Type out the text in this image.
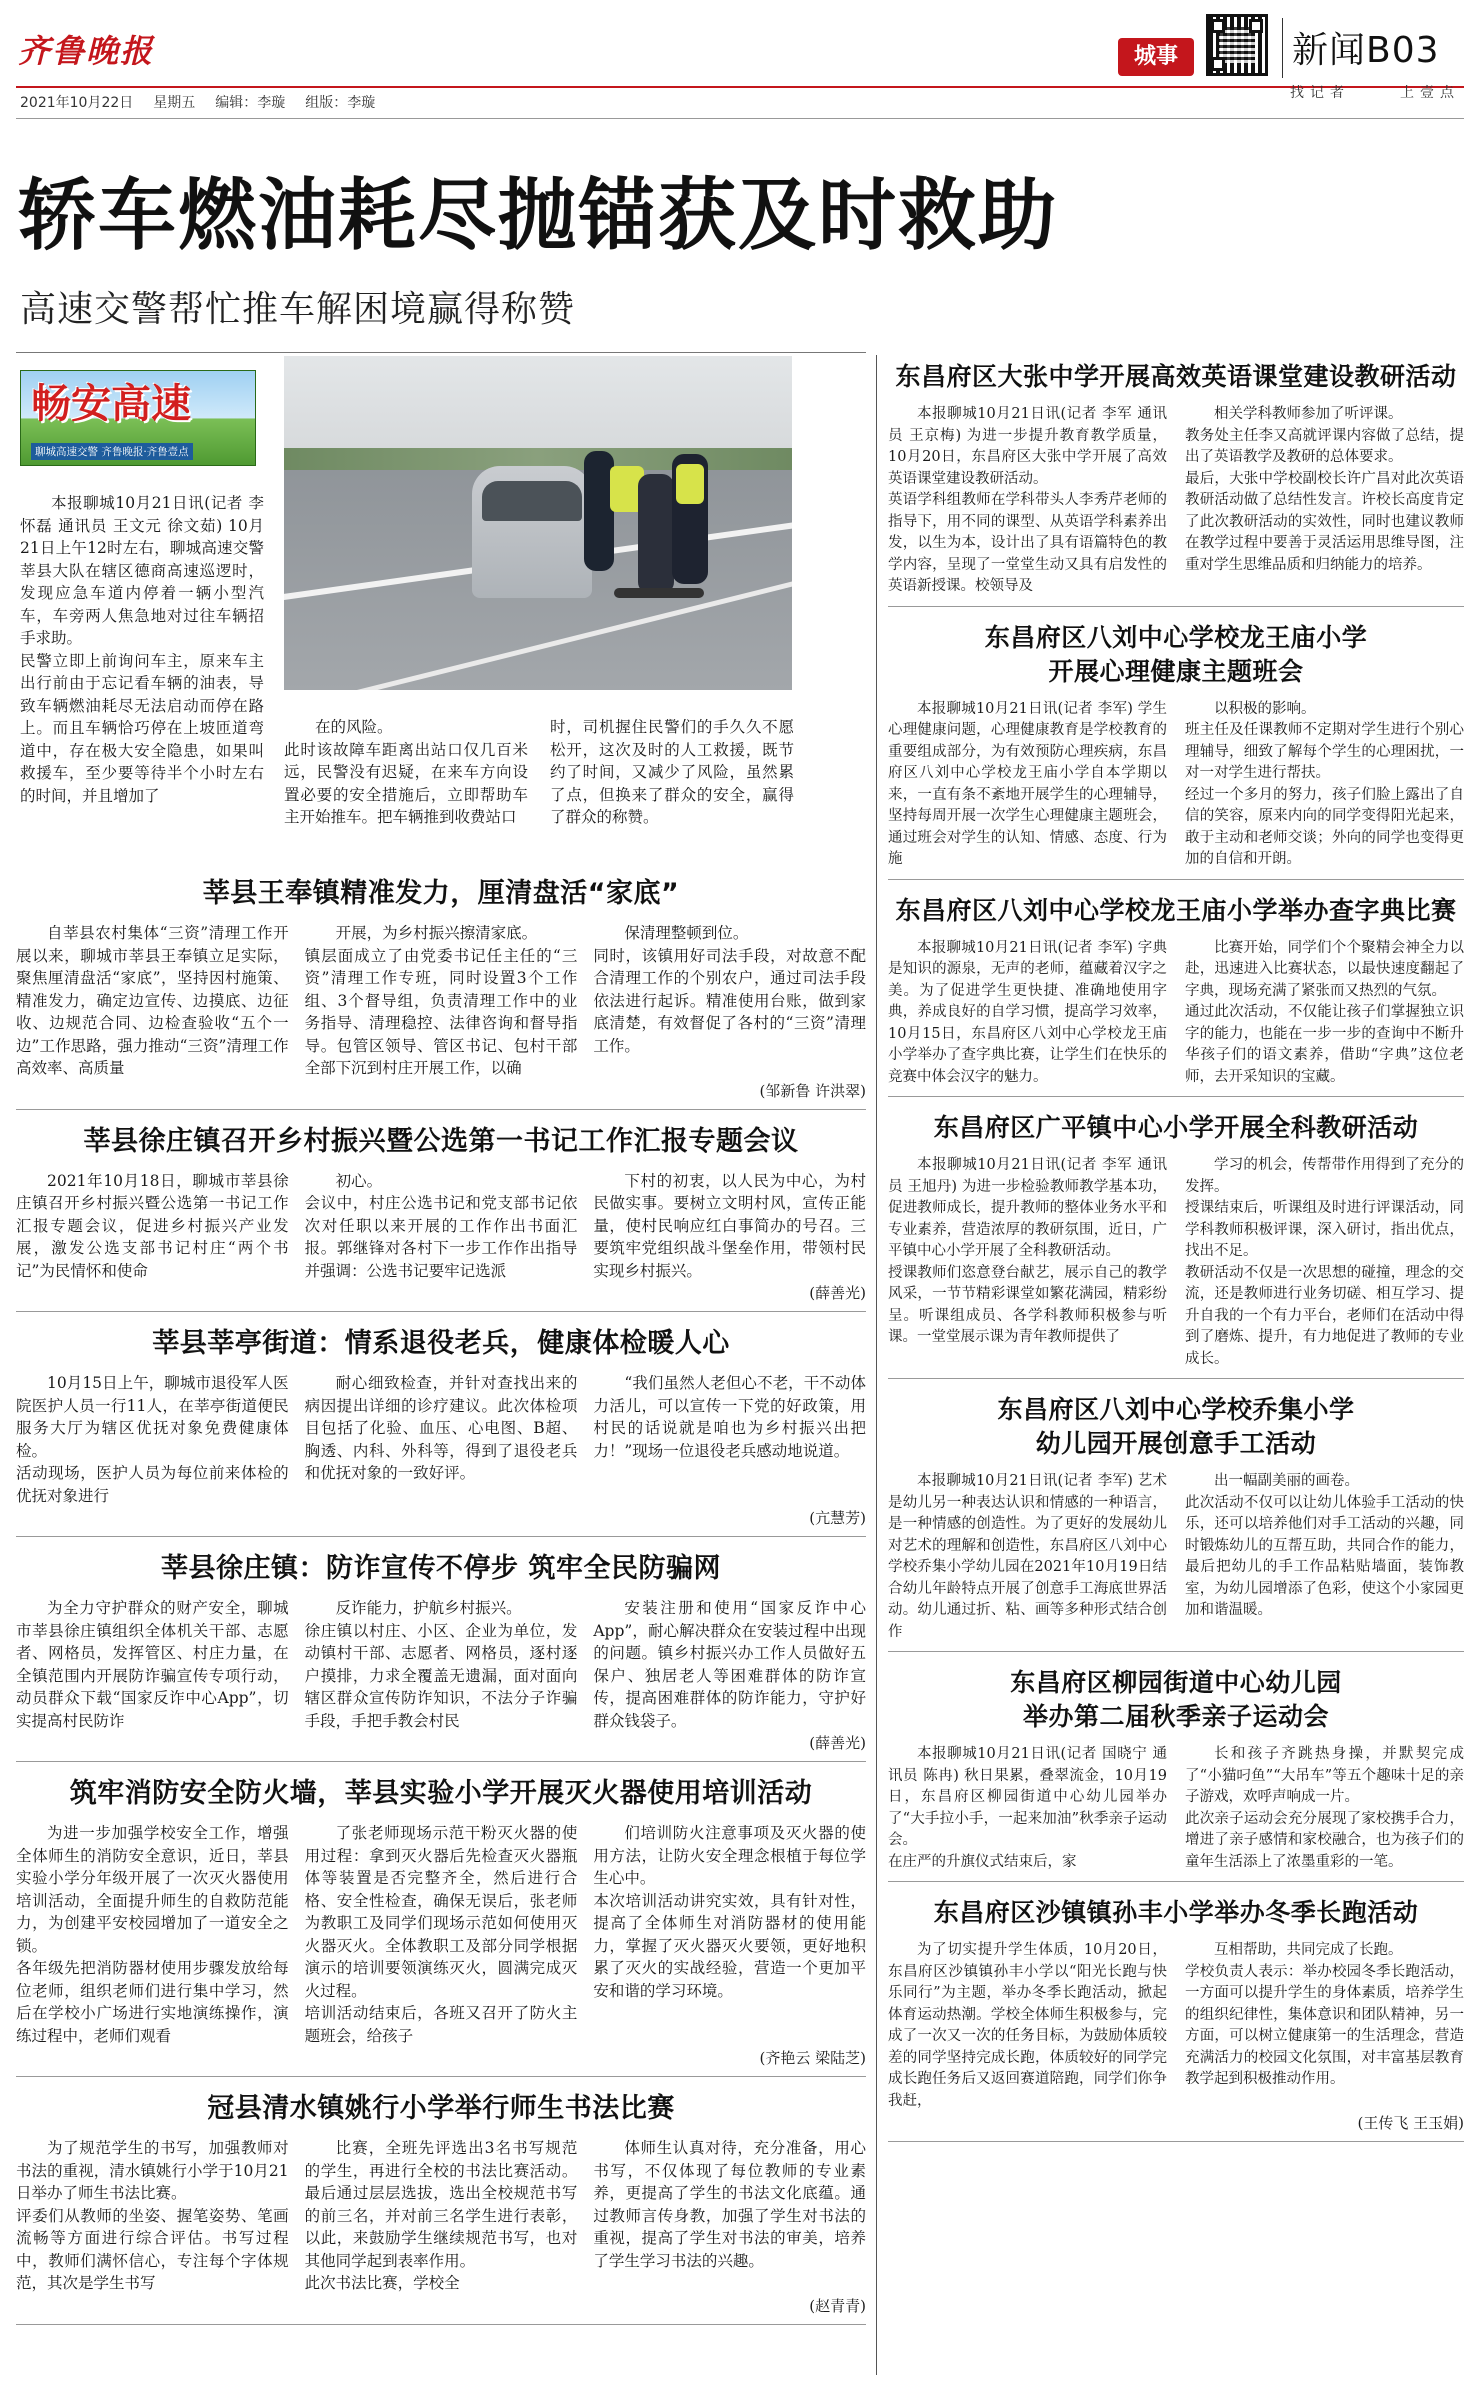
齐鲁晚报
2021年10月22日 星期五 编辑：李璇 组版：李璇
城事
找记者	上壹点
新闻B03
轿车燃油耗尽抛锚获及时救助
高速交警帮忙推车解困境赢得称赞
畅安高速
聊城高速交警 齐鲁晚报·齐鲁壹点
本报聊城10月21日讯(记者 李怀磊 通讯员 王文元 徐文茹) 10月21日上午12时左右，聊城高速交警莘县大队在辖区德商高速巡逻时，发现应急车道内停着一辆小型汽车，车旁两人焦急地对过往车辆招手求助。
民警立即上前询问车主，原来车主出行前由于忘记看车辆的油表，导致车辆燃油耗尽无法启动而停在路上。而且车辆恰巧停在上坡匝道弯道中，存在极大安全隐患，如果叫救援车，至少要等待半个小时左右的时间，并且增加了
在的风险。
此时该故障车距离出站口仅几百米远，民警没有迟疑，在来车方向设置必要的安全措施后，立即帮助车主开始推车。把车辆推到收费站口
时，司机握住民警们的手久久不愿松开，这次及时的人工救援，既节约了时间，又减少了风险，虽然累了点，但换来了群众的安全，赢得了群众的称赞。
莘县王奉镇精准发力，厘清盘活“家底”
自莘县农村集体“三资”清理工作开展以来，聊城市莘县王奉镇立足实际，聚焦厘清盘活“家底”，坚持因村施策、精准发力，确定边宣传、边摸底、边征收、边规范合同、边检查验收“五个一边”工作思路，强力推动“三资”清理工作高效率、高质量
开展，为乡村振兴擦清家底。
镇层面成立了由党委书记任主任的“三资”清理工作专班，同时设置3个工作组、3个督导组，负责清理工作中的业务指导、清理稳控、法律咨询和督导指导。包管区领导、管区书记、包村干部全部下沉到村庄开展工作，以确
保清理整顿到位。
同时，该镇用好司法手段，对故意不配合清理工作的个别农户，通过司法手段依法进行起诉。精准使用台账，做到家底清楚，有效督促了各村的“三资”清理工作。
(邹新鲁 许洪翠)
莘县徐庄镇召开乡村振兴暨公选第一书记工作汇报专题会议
2021年10月18日，聊城市莘县徐庄镇召开乡村振兴暨公选第一书记工作汇报专题会议，促进乡村振兴产业发展，激发公选支部书记村庄“两个书记”为民情怀和使命
初心。
会议中，村庄公选书记和党支部书记依次对任职以来开展的工作作出书面汇报。郭继锋对各村下一步工作作出指导并强调：公选书记要牢记选派
下村的初衷，以人民为中心，为村民做实事。要树立文明村风，宣传正能量，使村民响应红白事简办的号召。三要筑牢党组织战斗堡垒作用，带领村民实现乡村振兴。
(薛善光)
莘县莘亭街道：情系退役老兵，健康体检暖人心
10月15日上午，聊城市退役军人医院医护人员一行11人，在莘亭街道便民服务大厅为辖区优抚对象免费健康体检。
活动现场，医护人员为每位前来体检的优抚对象进行
耐心细致检查，并针对查找出来的病因提出详细的诊疗建议。此次体检项目包括了化验、血压、心电图、B超、胸透、内科、外科等，得到了退役老兵和优抚对象的一致好评。
“我们虽然人老但心不老，干不动体力活儿，可以宣传一下党的好政策，用村民的话说就是咱也为乡村振兴出把力！”现场一位退役老兵感动地说道。
(亢慧芳)
莘县徐庄镇：防诈宣传不停步 筑牢全民防骗网
为全力守护群众的财产安全，聊城市莘县徐庄镇组织全体机关干部、志愿者、网格员，发挥管区、村庄力量，在全镇范围内开展防诈骗宣传专项行动，动员群众下载“国家反诈中心App”，切实提高村民防诈
反诈能力，护航乡村振兴。
徐庄镇以村庄、小区、企业为单位，发动镇村干部、志愿者、网格员，逐村逐户摸排，力求全覆盖无遗漏，面对面向辖区群众宣传防诈知识，不法分子诈骗手段，手把手教会村民
安装注册和使用“国家反诈中心App”，耐心解决群众在安装过程中出现的问题。镇乡村振兴办工作人员做好五保户、独居老人等困难群体的防诈宣传，提高困难群体的防诈能力，守护好群众钱袋子。
(薛善光)
筑牢消防安全防火墙，莘县实验小学开展灭火器使用培训活动
为进一步加强学校安全工作，增强全体师生的消防安全意识，近日，莘县实验小学分年级开展了一次灭火器使用培训活动，全面提升师生的自救防范能力，为创建平安校园增加了一道安全之锁。
各年级先把消防器材使用步骤发放给每位老师，组织老师们进行集中学习，然后在学校小广场进行实地演练操作，演练过程中，老师们观看
了张老师现场示范干粉灭火器的使用过程：拿到灭火器后先检查灭火器瓶体等装置是否完整齐全，然后进行合格、安全性检查，确保无误后，张老师为教职工及同学们现场示范如何使用灭火器灭火。全体教职工及部分同学根据演示的培训要领演练灭火，圆满完成灭火过程。
培训活动结束后，各班又召开了防火主题班会，给孩子
们培训防火注意事项及灭火器的使用方法，让防火安全理念根植于每位学生心中。
本次培训活动讲究实效，具有针对性，提高了全体师生对消防器材的使用能力，掌握了灭火器灭火要领，更好地积累了灭火的实战经验，营造一个更加平安和谐的学习环境。
(齐艳云 梁陆芝)
冠县清水镇姚行小学举行师生书法比赛
为了规范学生的书写，加强教师对书法的重视，清水镇姚行小学于10月21日举办了师生书法比赛。
评委们从教师的坐姿、握笔姿势、笔画流畅等方面进行综合评估。书写过程中，教师们满怀信心，专注每个字体规范，其次是学生书写
比赛，全班先评选出3名书写规范的学生，再进行全校的书法比赛活动。最后通过层层选拔，选出全校规范书写的前三名，并对前三名学生进行表彰，以此，来鼓励学生继续规范书写，也对其他同学起到表率作用。
此次书法比赛，学校全
体师生认真对待，充分准备，用心书写，不仅体现了每位教师的专业素养，更提高了学生的书法文化底蕴。通过教师言传身教，加强了学生对书法的重视，提高了学生对书法的审美，培养了学生学习书法的兴趣。
(赵青青)
东昌府区大张中学开展高效英语课堂建设教研活动
本报聊城10月21日讯(记者 李军 通讯员 王京梅) 为进一步提升教育教学质量，10月20日，东昌府区大张中学开展了高效英语课堂建设教研活动。
英语学科组教师在学科带头人李秀芹老师的指导下，用不同的课型、从英语学科素养出发，以生为本，设计出了具有语篇特色的教学内容，呈现了一堂堂生动又具有启发性的英语新授课。校领导及
相关学科教师参加了听评课。
教务处主任李又高就评课内容做了总结，提出了英语教学及教研的总体要求。
最后，大张中学校副校长许广昌对此次英语教研活动做了总结性发言。许校长高度肯定了此次教研活动的实效性，同时也建议教师在教学过程中要善于灵活运用思维导图，注重对学生思维品质和归纳能力的培养。
东昌府区八刘中心学校龙王庙小学
开展心理健康主题班会
本报聊城10月21日讯(记者 李军) 学生心理健康问题，心理健康教育是学校教育的重要组成部分，为有效预防心理疾病，东昌府区八刘中心学校龙王庙小学自本学期以来，一直有条不紊地开展学生的心理辅导，坚持每周开展一次学生心理健康主题班会，通过班会对学生的认知、情感、态度、行为施
以积极的影响。
班主任及任课教师不定期对学生进行个别心理辅导，细致了解每个学生的心理困扰，一对一对学生进行帮扶。
经过一个多月的努力，孩子们脸上露出了自信的笑容，原来内向的同学变得阳光起来，敢于主动和老师交谈；外向的同学也变得更加的自信和开朗。
东昌府区八刘中心学校龙王庙小学举办查字典比赛
本报聊城10月21日讯(记者 李军) 字典是知识的源泉，无声的老师，蕴藏着汉字之美。为了促进学生更快捷、准确地使用字典，养成良好的自学习惯，提高学习效率，10月15日，东昌府区八刘中心学校龙王庙小学举办了查字典比赛，让学生们在快乐的竞赛中体会汉字的魅力。
比赛开始，同学们个个聚精会神全力以赴，迅速进入比赛状态，以最快速度翻起了字典，现场充满了紧张而又热烈的气氛。
通过此次活动，不仅能让孩子们掌握独立识字的能力，也能在一步一步的查询中不断升华孩子们的语文素养，借助“字典”这位老师，去开采知识的宝藏。
东昌府区广平镇中心小学开展全科教研活动
本报聊城10月21日讯(记者 李军 通讯员 王旭丹) 为进一步检验教师教学基本功，促进教师成长，提升教师的整体业务水平和专业素养，营造浓厚的教研氛围，近日，广平镇中心小学开展了全科教研活动。
授课教师们恣意登台献艺，展示自己的教学风采，一节节精彩课堂如繁花满园，精彩纷呈。听课组成员、各学科教师积极参与听课。一堂堂展示课为青年教师提供了
学习的机会，传帮带作用得到了充分的发挥。
授课结束后，听课组及时进行评课活动，同学科教师积极评课，深入研讨，指出优点，找出不足。
教研活动不仅是一次思想的碰撞，理念的交流，还是教师进行业务切磋、相互学习、提升自我的一个有力平台，老师们在活动中得到了磨炼、提升，有力地促进了教师的专业成长。
东昌府区八刘中心学校乔集小学
幼儿园开展创意手工活动
本报聊城10月21日讯(记者 李军) 艺术是幼儿另一种表达认识和情感的一种语言，是一种情感的创造性。为了更好的发展幼儿对艺术的理解和创造性，东昌府区八刘中心学校乔集小学幼儿园在2021年10月19日结合幼儿年龄特点开展了创意手工海底世界活动。幼儿通过折、粘、画等多种形式结合创作
出一幅副美丽的画卷。
此次活动不仅可以让幼儿体验手工活动的快乐，还可以培养他们对手工活动的兴趣，同时锻炼幼儿的互帮互助，共同合作的能力，最后把幼儿的手工作品粘贴墙面，装饰教室，为幼儿园增添了色彩，使这个小家园更加和谐温暖。
东昌府区柳园街道中心幼儿园
举办第二届秋季亲子运动会
本报聊城10月21日讯(记者 国晓宁 通讯员 陈冉) 秋日果累，叠翠流金，10月19日，东昌府区柳园街道中心幼儿园举办了“大手拉小手，一起来加油”秋季亲子运动会。
在庄严的升旗仪式结束后，家
长和孩子齐跳热身操，并默契完成了“小猫叼鱼”“大吊车”等五个趣味十足的亲子游戏，欢呼声响成一片。
此次亲子运动会充分展现了家校携手合力，增进了亲子感情和家校融合，也为孩子们的童年生活添上了浓墨重彩的一笔。
东昌府区沙镇镇孙丰小学举办冬季长跑活动
为了切实提升学生体质，10月20日，东昌府区沙镇镇孙丰小学以“阳光长跑与快乐同行”为主题，举办冬季长跑活动，掀起体育运动热潮。学校全体师生积极参与，完成了一次又一次的任务目标，为鼓励体质较差的同学坚持完成长跑，体质较好的同学完成长跑任务后又返回赛道陪跑，同学们你争我赶，
互相帮助，共同完成了长跑。
学校负责人表示：举办校园冬季长跑活动，一方面可以提升学生的身体素质，培养学生的组织纪律性，集体意识和团队精神，另一方面，可以树立健康第一的生活理念，营造充满活力的校园文化氛围，对丰富基层教育教学起到积极推动作用。
(王传飞 王玉娟)
